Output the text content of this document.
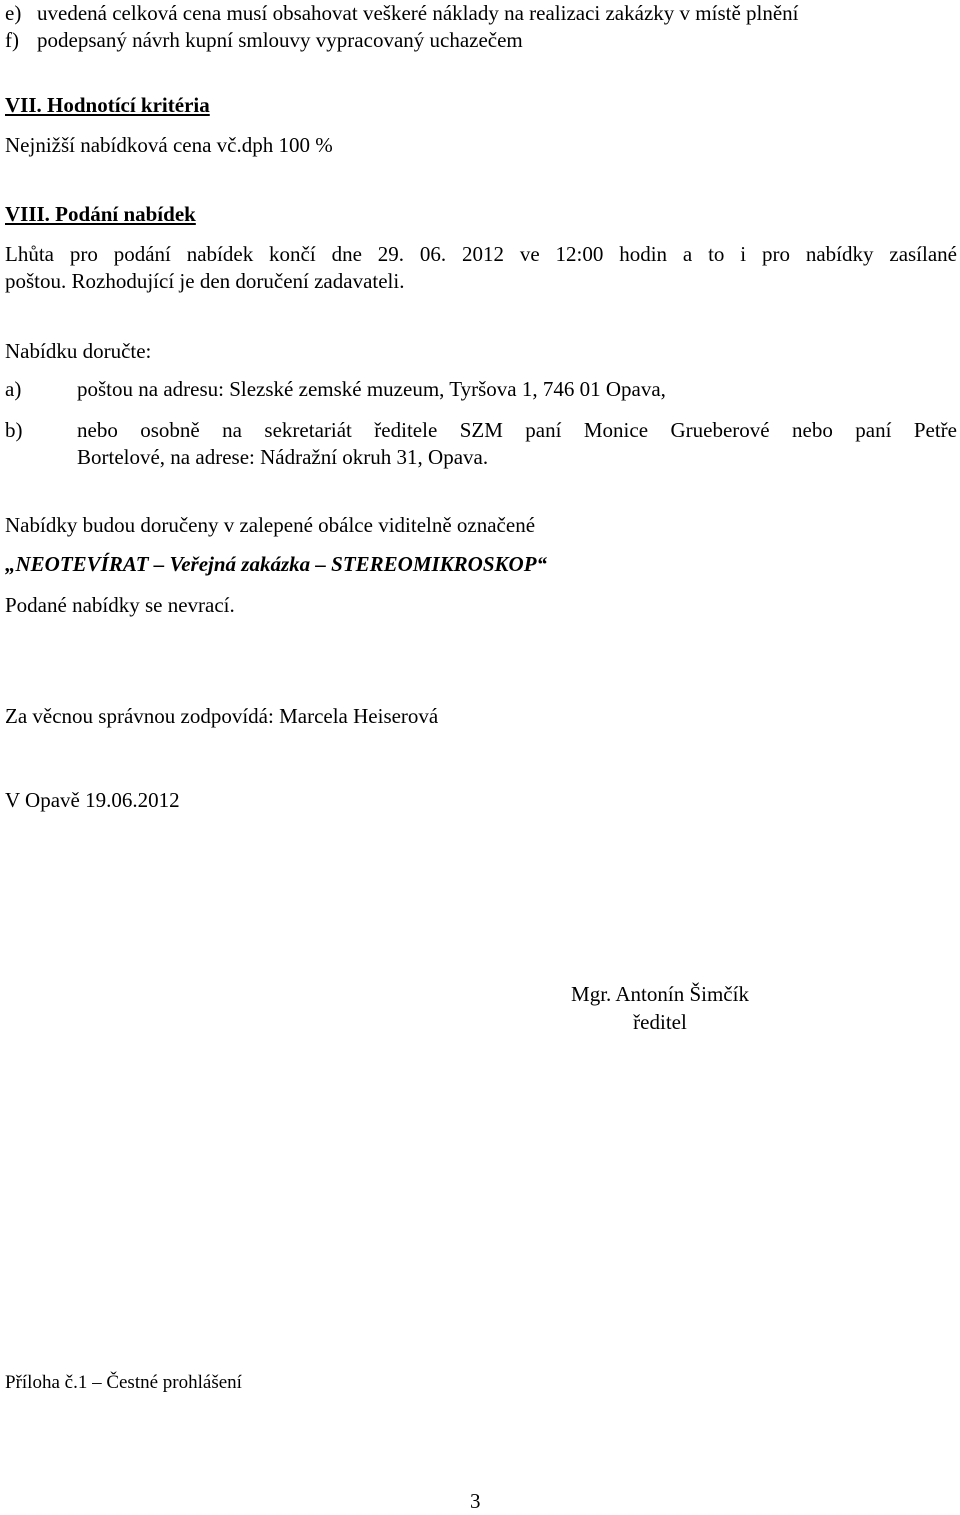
e) uvedená celková cena musí obsahovat veškeré náklady na realizaci zakázky v místě plnění
f) podepsaný návrh kupní smlouvy vypracovaný uchazečem
VII. Hodnotící kritéria
Nejnižší nabídková cena vč.dph 100 %
VIII. Podání nabídek
Lhůta pro podání nabídek končí dne 29. 06. 2012 ve 12:00 hodin a to i pro nabídky zasílané
poštou. Rozhodující je den doručení zadavateli.
Nabídku doručte:
a)	poštou na adresu: Slezské zemské muzeum, Tyršova 1, 746 01 Opava,
b)	nebo osobně na sekretariát ředitele SZM paní Monice Grueberové nebo paní Petře
Bortelové, na adrese: Nádražní okruh 31, Opava.
Nabídky budou doručeny v zalepené obálce viditelně označené
„NEOTEVÍRAT – Veřejná zakázka – STEREOMIKROSKOP“
Podané nabídky se nevrací.
Za věcnou správnou zodpovídá: Marcela Heiserová
V Opavě 19.06.2012
Mgr. Antonín Šimčík
ředitel
Příloha č.1 – Čestné prohlášení
3
